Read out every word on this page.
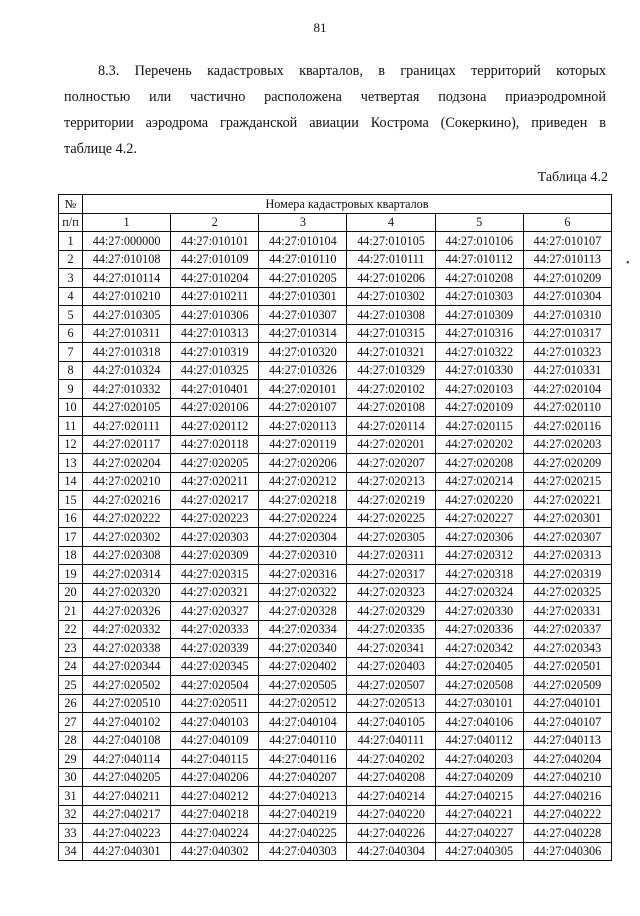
81

8.3. Перечень кадастровых кварталов, в границах территорий которых
полностью или частично расположена четвертая подзона приаэродромной
территории аэродрома гражданской авиации Кострома (Сокеркино), приведен в
таблице 4.2.

Таблица 4.2
•
№	Номера кадастровых кварталов					
п/п	1	2	3	4	5	6
1	44:27:000000	44:27:010101	44:27:010104	44:27:010105	44:27:010106	44:27:010107
2	44:27:010108	44:27:010109	44:27:010110	44:27:010111	44:27:010112	44:27:010113
3	44:27:010114	44:27:010204	44:27:010205	44:27:010206	44:27:010208	44:27:010209
4	44:27:010210	44:27:010211	44:27:010301	44:27:010302	44:27:010303	44:27:010304
5	44:27:010305	44:27:010306	44:27:010307	44:27:010308	44:27:010309	44:27:010310
6	44:27:010311	44:27:010313	44:27:010314	44:27:010315	44:27:010316	44:27:010317
7	44:27:010318	44:27:010319	44:27:010320	44:27:010321	44:27:010322	44:27:010323
8	44:27:010324	44:27:010325	44:27:010326	44:27:010329	44:27:010330	44:27:010331
9	44:27:010332	44:27:010401	44:27:020101	44:27:020102	44:27:020103	44:27:020104
10	44:27:020105	44:27:020106	44:27:020107	44:27:020108	44:27:020109	44:27:020110
11	44:27:020111	44:27:020112	44:27:020113	44:27:020114	44:27:020115	44:27:020116
12	44:27:020117	44:27:020118	44:27:020119	44:27:020201	44:27:020202	44:27:020203
13	44:27:020204	44:27:020205	44:27:020206	44:27:020207	44:27:020208	44:27:020209
14	44:27:020210	44:27:020211	44:27:020212	44:27:020213	44:27:020214	44:27:020215
15	44:27:020216	44:27:020217	44:27:020218	44:27:020219	44:27:020220	44:27:020221
16	44:27:020222	44:27:020223	44:27:020224	44:27:020225	44:27:020227	44:27:020301
17	44:27:020302	44:27:020303	44:27:020304	44:27:020305	44:27:020306	44:27:020307
18	44:27:020308	44:27:020309	44:27:020310	44:27:020311	44:27:020312	44:27:020313
19	44:27:020314	44:27:020315	44:27:020316	44:27:020317	44:27:020318	44:27:020319
20	44:27:020320	44:27:020321	44:27:020322	44:27:020323	44:27:020324	44:27:020325
21	44:27:020326	44:27:020327	44:27:020328	44:27:020329	44:27:020330	44:27:020331
22	44:27:020332	44:27:020333	44:27:020334	44:27:020335	44:27:020336	44:27:020337
23	44:27:020338	44:27:020339	44:27:020340	44:27:020341	44:27:020342	44:27:020343
24	44:27:020344	44:27:020345	44:27:020402	44:27:020403	44:27:020405	44:27:020501
25	44:27:020502	44:27:020504	44:27:020505	44:27:020507	44:27:020508	44:27:020509
26	44:27:020510	44:27:020511	44:27:020512	44:27:020513	44:27:030101	44:27:040101
27	44:27:040102	44:27:040103	44:27:040104	44:27:040105	44:27:040106	44:27:040107
28	44:27:040108	44:27:040109	44:27:040110	44:27:040111	44:27:040112	44:27:040113
29	44:27:040114	44:27:040115	44:27:040116	44:27:040202	44:27:040203	44:27:040204
30	44:27:040205	44:27:040206	44:27:040207	44:27:040208	44:27:040209	44:27:040210
31	44:27:040211	44:27:040212	44:27:040213	44:27:040214	44:27:040215	44:27:040216
32	44:27:040217	44:27:040218	44:27:040219	44:27:040220	44:27:040221	44:27:040222
33	44:27:040223	44:27:040224	44:27:040225	44:27:040226	44:27:040227	44:27:040228
34	44:27:040301	44:27:040302	44:27:040303	44:27:040304	44:27:040305	44:27:040306
